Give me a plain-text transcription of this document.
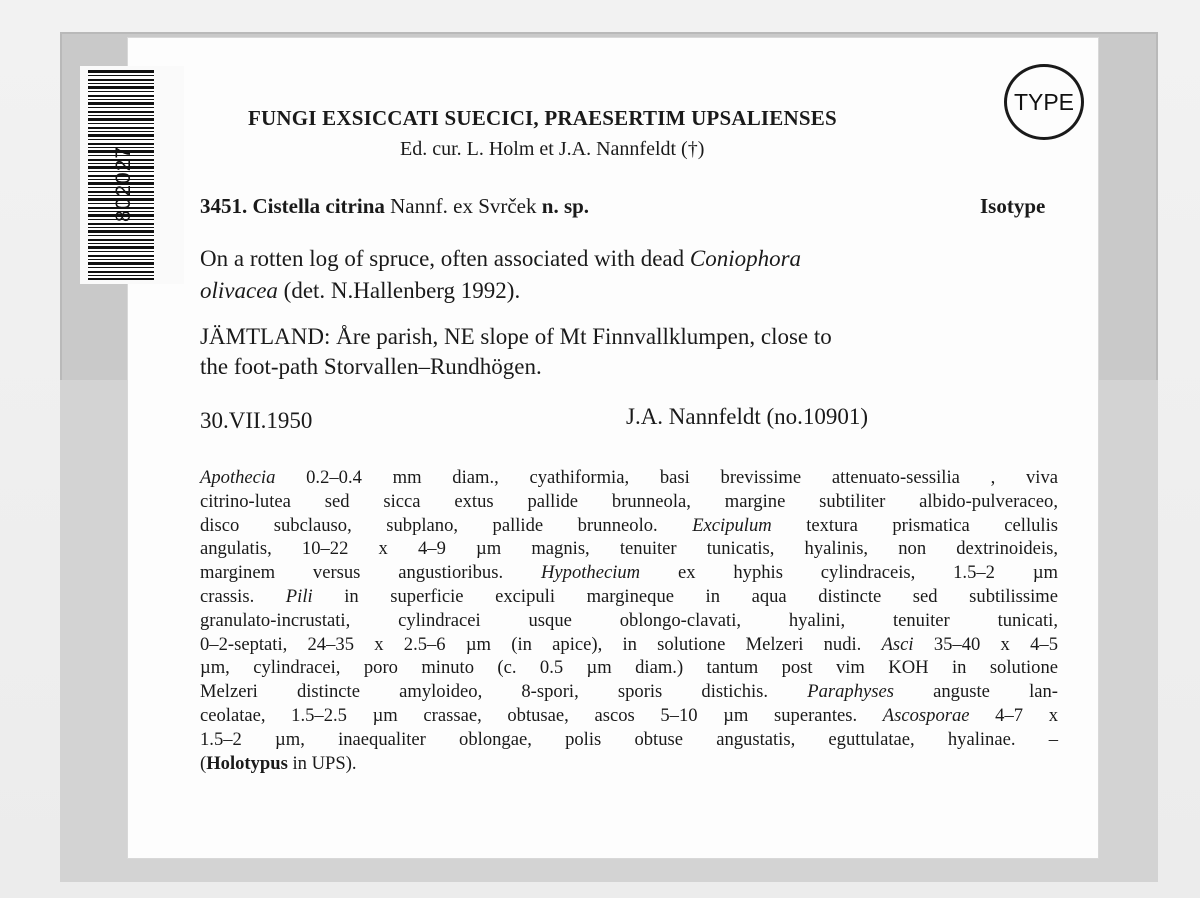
802027
FUNGI EXSICCATI SUECICI, PRAESERTIM UPSALIENSES
TYPE
Ed. cur. L. Holm et J.A. Nannfeldt (†)
3451. Cistella citrina Nannf. ex Svrček n. sp.	Isotype
On a rotten log of spruce, often associated with dead Coniophora
olivacea (det. N.Hallenberg 1992).
JÄMTLAND: Åre parish, NE slope of Mt Finnvallklumpen, close to
the foot-path Storvallen–Rundhögen.
30.VII.1950	J.A. Nannfeldt (no.10901)
Apothecia 0.2–0.4 mm diam., cyathiformia, basi brevissime attenuato-sessilia , viva
citrino-lutea sed sicca extus pallide brunneola, margine subtiliter albido-pulveraceo,
disco subclauso, subplano, pallide brunneolo. Excipulum textura prismatica cellulis
angulatis, 10–22 x 4–9 µm magnis, tenuiter tunicatis, hyalinis, non dextrinoideis,
marginem versus angustioribus. Hypothecium ex hyphis cylindraceis, 1.5–2 µm
crassis. Pili in superficie excipuli margineque in aqua distincte sed subtilissime
granulato-incrustati, cylindracei usque oblongo-clavati, hyalini, tenuiter tunicati,
0–2-septati, 24–35 x 2.5–6 µm (in apice), in solutione Melzeri nudi. Asci 35–40 x 4–5
µm, cylindracei, poro minuto (c. 0.5 µm diam.) tantum post vim KOH in solutione
Melzeri distincte amyloideo, 8-spori, sporis distichis. Paraphyses anguste lan-
ceolatae, 1.5–2.5 µm crassae, obtusae, ascos 5–10 µm superantes. Ascosporae 4–7 x
1.5–2 µm, inaequaliter oblongae, polis obtuse angustatis, eguttulatae, hyalinae. –
(Holotypus in UPS).
